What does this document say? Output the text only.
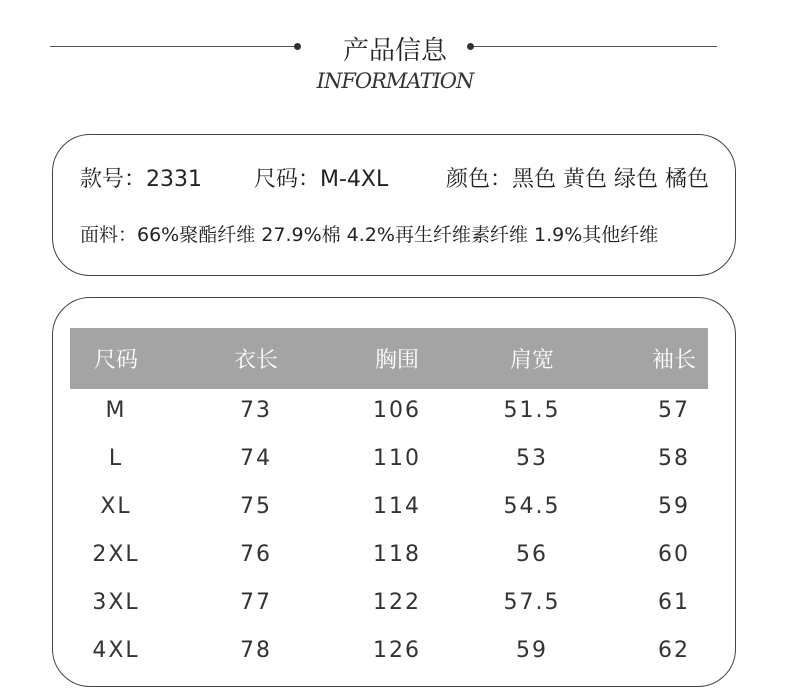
产品信息
INFORMATION
款号：2331 尺码：M-4XL	颜色：黑色 黄色 绿色 橘色
面料：66%聚酯纤维 27.9%棉 4.2%再生纤维素纤维 1.9%其他纤维
尺码	衣长	胸围	肩宽	袖长
M	73	106	51.5	57
L	74	110	53	58
XL	75	114	54.5	59
2XL	76	118	56	60
3XL	77	122	57.5	61
4XL	78	126	59	62
